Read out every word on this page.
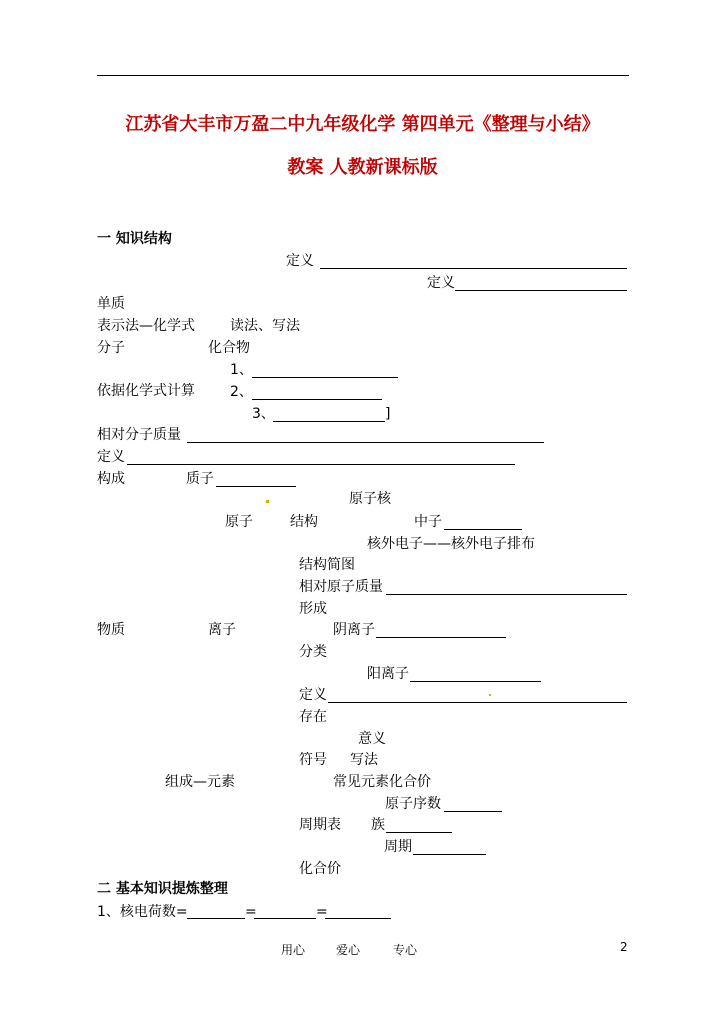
江苏省大丰市万盈二中九年级化学 第四单元《整理与小结》
教案 人教新课标版
一 知识结构
定义
定义
单质
表示法—化学式	读法、写法
分子	化合物
1、
依据化学式计算	2、
3、	]
相对分子质量
定义
构成	质子
原子核
原子	结构	中子
核外电子——核外电子排布
结构简图
相对原子质量
形成
物质	离子	阴离子
分类
阳离子
定义
存在
意义
符号 写法
组成—元素	常见元素化合价
原子序数
周期表 族
周期
化合价
二 基本知识提炼整理
1、核电荷数=	=	=
用心	爱心	专心	2
